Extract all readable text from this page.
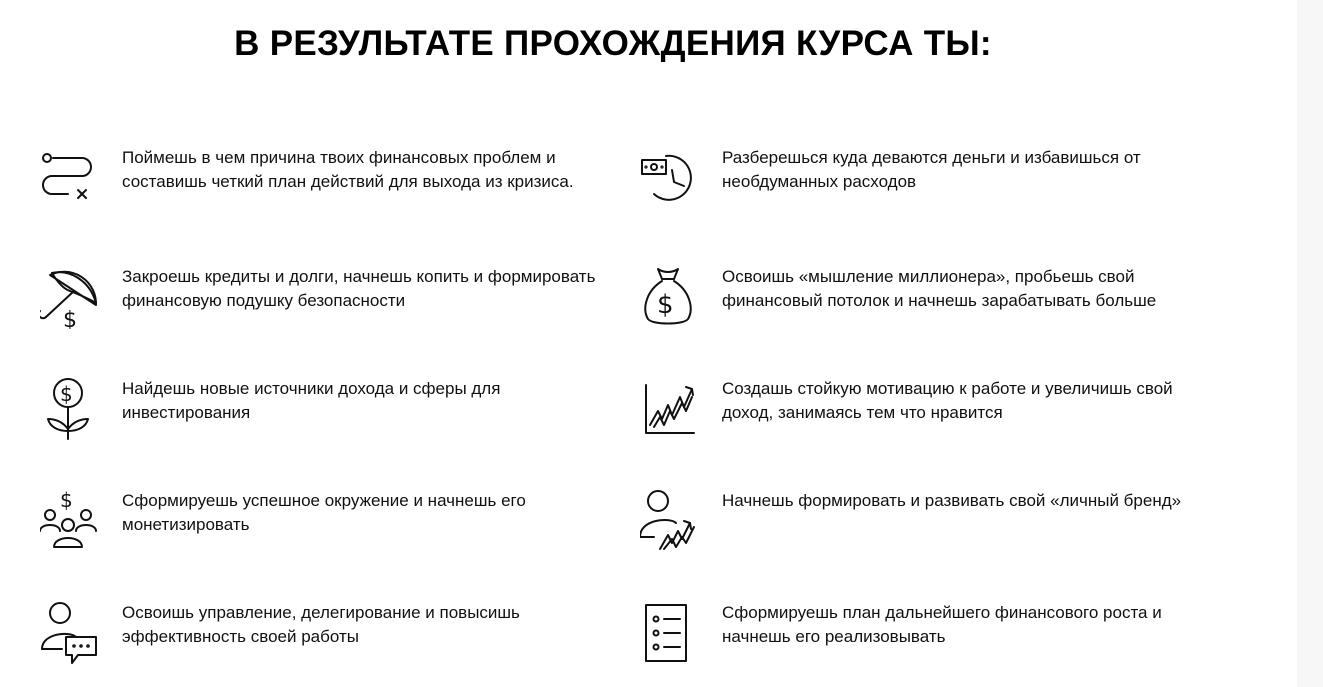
В РЕЗУЛЬТАТЕ ПРОХОЖДЕНИЯ КУРСА ТЫ:
Поймешь в чем причина твоих финансовых проблем и составишь четкий план действий для выхода из кризиса.
$
Закроешь кредиты и долги, начнешь копить и формировать финансовую подушку безопасности
$	Найдешь новые источники дохода и сферы для инвестирования
$	Сформируешь успешное окружение и начнешь его монетизировать
Освоишь управление, делегирование и повысишь эффективность своей работы
Разберешься куда деваются деньги и избавишься от необдуманных расходов
$
Освоишь «мышление миллионера», пробьешь свой финансовый потолок и начнешь зарабатывать больше
Создашь стойкую мотивацию к работе и увеличишь свой доход, занимаясь тем что нравится
Начнешь формировать и развивать свой «личный бренд»
Сформируешь план дальнейшего финансового роста и начнешь его реализовывать
